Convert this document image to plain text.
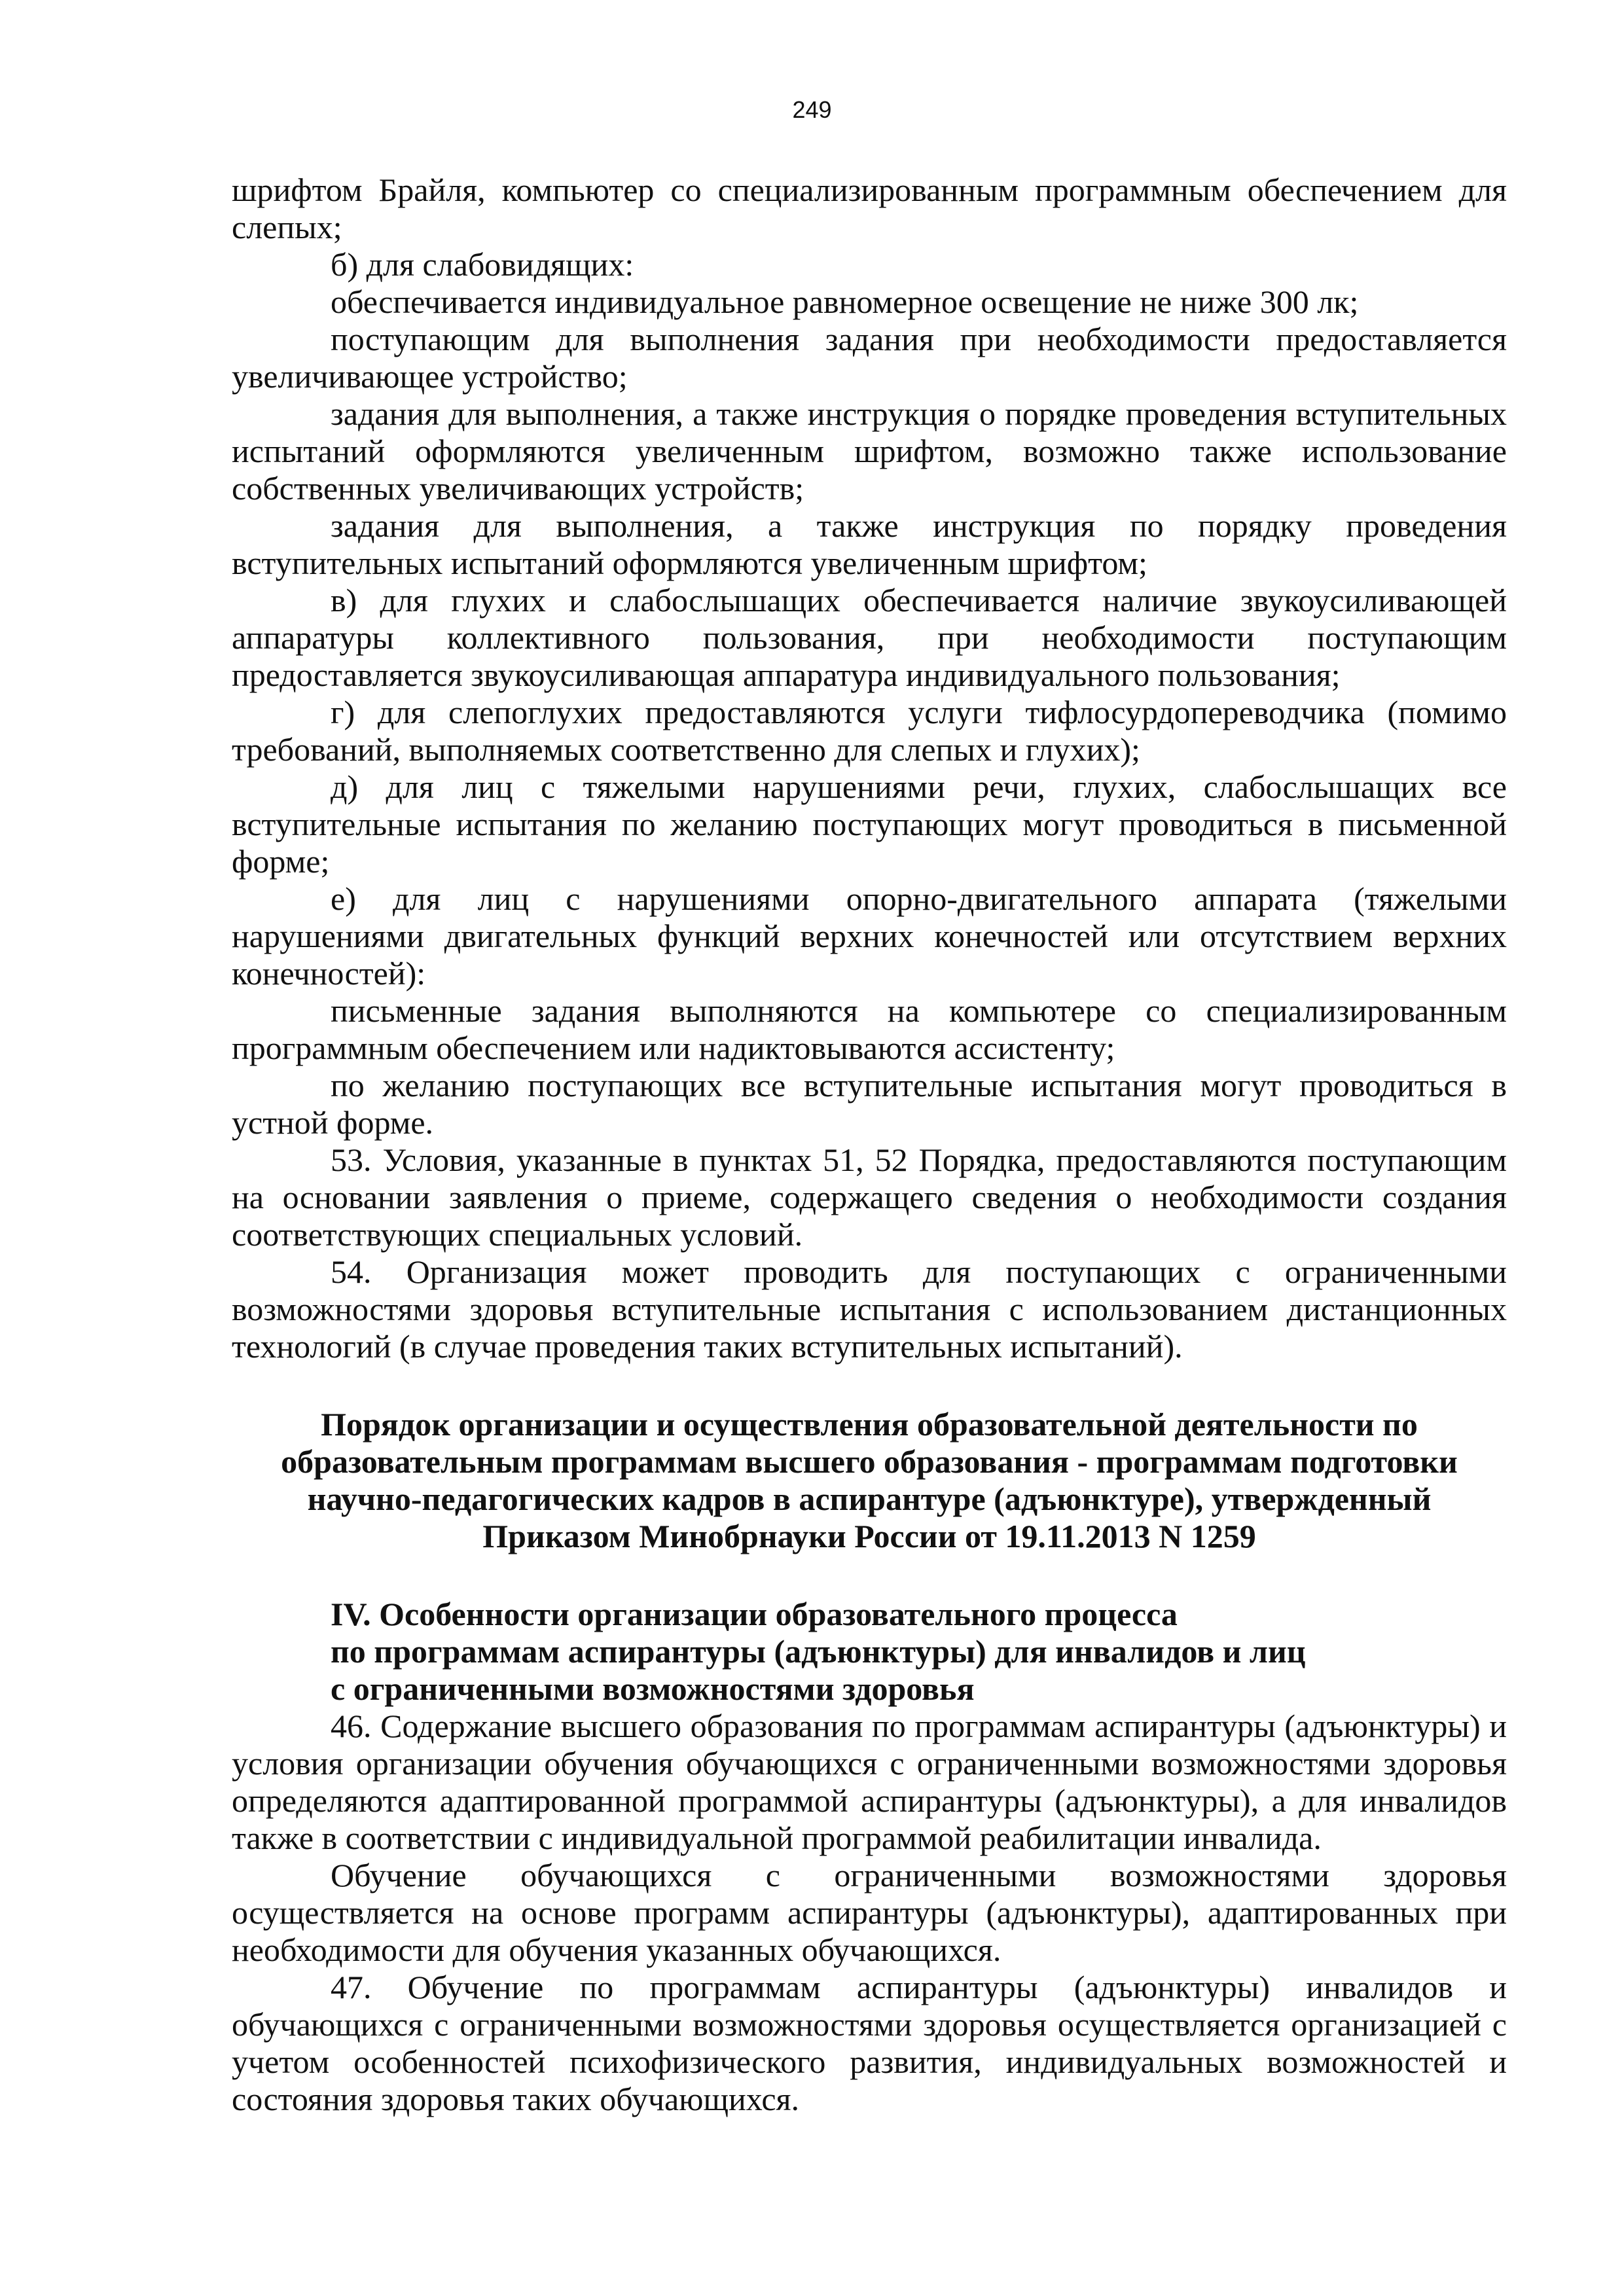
249

шрифтом Брайля, компьютер со специализированным программным обеспечением для слепых;

б) для слабовидящих:

обеспечивается индивидуальное равномерное освещение не ниже 300 лк;

поступающим для выполнения задания при необходимости предоставляется увеличивающее устройство;

задания для выполнения, а также инструкция о порядке проведения вступительных испытаний оформляются увеличенным шрифтом, возможно также использование собственных увеличивающих устройств;

задания для выполнения, а также инструкция по порядку проведения вступительных испытаний оформляются увеличенным шрифтом;

в) для глухих и слабослышащих обеспечивается наличие звукоусиливающей аппаратуры коллективного пользования, при необходимости поступающим предоставляется звукоусиливающая аппаратура индивидуального пользования;

г) для слепоглухих предоставляются услуги тифлосурдопереводчика (помимо требований, выполняемых соответственно для слепых и глухих);

д) для лиц с тяжелыми нарушениями речи, глухих, слабослышащих все вступительные испытания по желанию поступающих могут проводиться в письменной форме;

е) для лиц с нарушениями опорно-двигательного аппарата (тяжелыми нарушениями двигательных функций верхних конечностей или отсутствием верхних конечностей):

письменные задания выполняются на компьютере со специализированным программным обеспечением или надиктовываются ассистенту;

по желанию поступающих все вступительные испытания могут проводиться в устной форме.

53. Условия, указанные в пунктах 51, 52 Порядка, предоставляются поступающим на основании заявления о приеме, содержащего сведения о необходимости создания соответствующих специальных условий.

54. Организация может проводить для поступающих с ограниченными возможностями здоровья вступительные испытания с использованием дистанционных технологий (в случае проведения таких вступительных испытаний).

Порядок организации и осуществления образовательной деятельности по

образовательным программам высшего образования - программам подготовки

научно-педагогических кадров в аспирантуре (адъюнктуре), утвержденный

Приказом Минобрнауки России от 19.11.2013 N 1259

IV. Особенности организации образовательного процесса

по программам аспирантуры (адъюнктуры) для инвалидов и лиц

с ограниченными возможностями здоровья

46. Содержание высшего образования по программам аспирантуры (адъюнктуры) и условия организации обучения обучающихся с ограниченными возможностями здоровья определяются адаптированной программой аспирантуры (адъюнктуры), а для инвалидов также в соответствии с индивидуальной программой реабилитации инвалида.

Обучение обучающихся с ограниченными возможностями здоровья осуществляется на основе программ аспирантуры (адъюнктуры), адаптированных при необходимости для обучения указанных обучающихся.

47. Обучение по программам аспирантуры (адъюнктуры) инвалидов и обучающихся с ограниченными возможностями здоровья осуществляется организацией с учетом особенностей психофизического развития, индивидуальных возможностей и состояния здоровья таких обучающихся.
